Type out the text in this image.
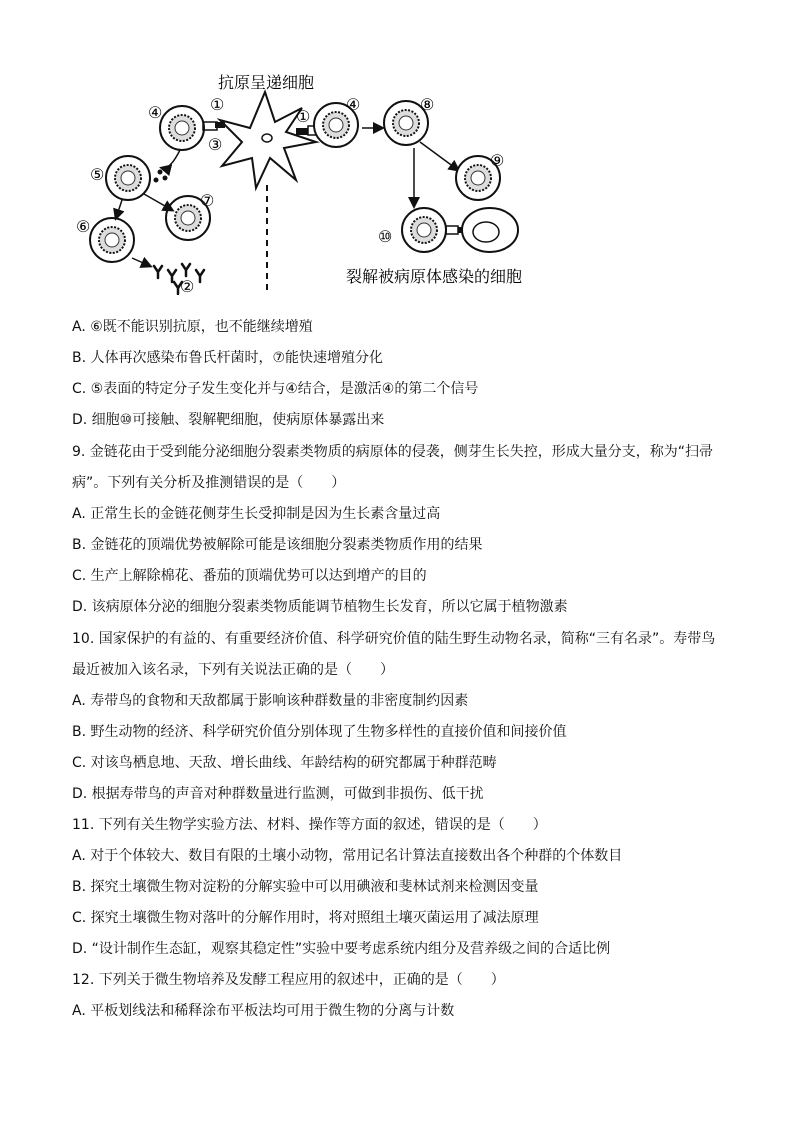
抗原呈递细胞
④	①
③
⑤
⑦
⑥
②
①
④	⑧
⑨
⑩
裂解被病原体感染的细胞
A. ⑥既不能识别抗原，也不能继续增殖
B. 人体再次感染布鲁氏杆菌时，⑦能快速增殖分化
C. ⑤表面的特定分子发生变化并与④结合，是激活④的第二个信号
D. 细胞⑩可接触、裂解靶细胞，使病原体暴露出来
9. 金链花由于受到能分泌细胞分裂素类物质的病原体的侵袭，侧芽生长失控，形成大量分支，称为“扫帚
病”。下列有关分析及推测错误的是（　　）
A. 正常生长的金链花侧芽生长受抑制是因为生长素含量过高
B. 金链花的顶端优势被解除可能是该细胞分裂素类物质作用的结果
C. 生产上解除棉花、番茄的顶端优势可以达到增产的目的
D. 该病原体分泌的细胞分裂素类物质能调节植物生长发育，所以它属于植物激素
10. 国家保护的有益的、有重要经济价值、科学研究价值的陆生野生动物名录，简称“三有名录”。寿带鸟
最近被加入该名录，下列有关说法正确的是（　　）
A. 寿带鸟的食物和天敌都属于影响该种群数量的非密度制约因素
B. 野生动物的经济、科学研究价值分别体现了生物多样性的直接价值和间接价值
C. 对该鸟栖息地、天敌、增长曲线、年龄结构的研究都属于种群范畴
D. 根据寿带鸟的声音对种群数量进行监测，可做到非损伤、低干扰
11. 下列有关生物学实验方法、材料、操作等方面的叙述，错误的是（　　）
A. 对于个体较大、数目有限的土壤小动物，常用记名计算法直接数出各个种群的个体数目
B. 探究土壤微生物对淀粉的分解实验中可以用碘液和斐林试剂来检测因变量
C. 探究土壤微生物对落叶的分解作用时，将对照组土壤灭菌运用了减法原理
D. “设计制作生态缸，观察其稳定性”实验中要考虑系统内组分及营养级之间的合适比例
12. 下列关于微生物培养及发酵工程应用的叙述中，正确的是（　　）
A. 平板划线法和稀释涂布平板法均可用于微生物的分离与计数
